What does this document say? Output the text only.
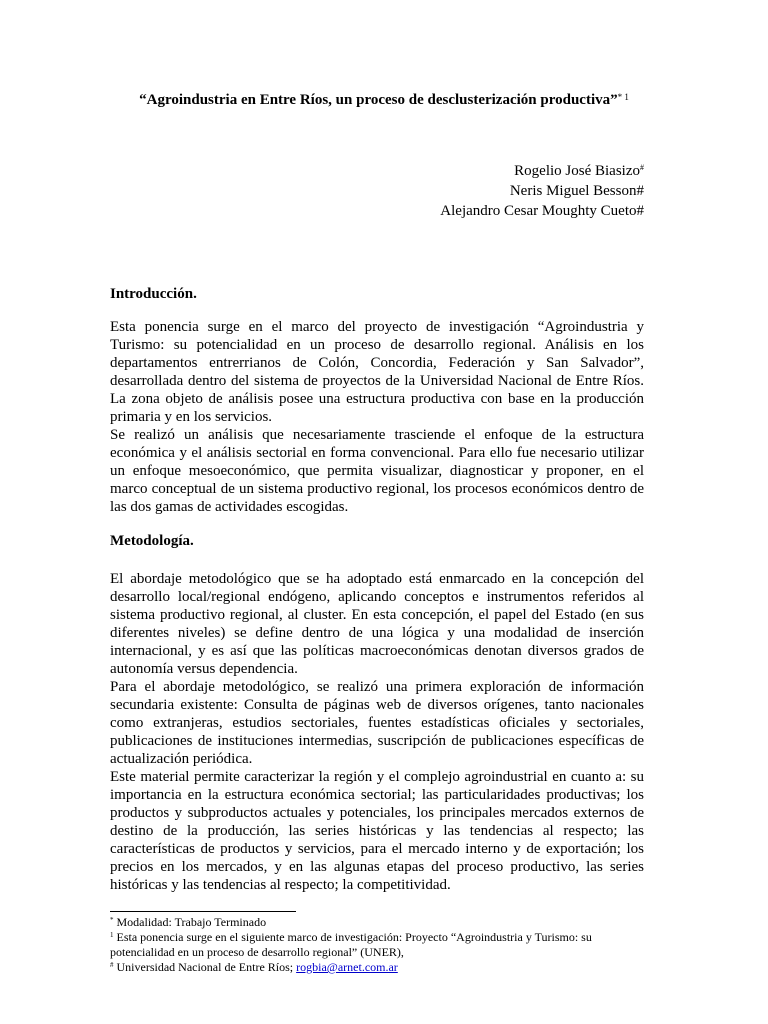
“Agroindustria en Entre Ríos, un proceso de desclusterización productiva”$^{* 1}$
Rogelio José Biasizo#
Neris Miguel Besson#
Alejandro Cesar Moughty Cueto#
Introducción.

Esta ponencia surge en el marco del proyecto de investigación “Agroindustria y Turismo: su potencialidad en un proceso de desarrollo regional. Análisis en los departamentos entrerrianos de Colón, Concordia, Federación y San Salvador”, desarrollada dentro del sistema de proyectos de la Universidad Nacional de Entre Ríos. La zona objeto de análisis posee una estructura productiva con base en la producción primaria y en los servicios.

Se realizó un análisis que necesariamente trasciende el enfoque de la estructura económica y el análisis sectorial en forma convencional. Para ello fue necesario utilizar un enfoque mesoeconómico, que permita visualizar, diagnosticar y proponer, en el marco conceptual de un sistema productivo regional, los procesos económicos dentro de las dos gamas de actividades escogidas.

Metodología.

El abordaje metodológico que se ha adoptado está enmarcado en la concepción del desarrollo local/regional endógeno, aplicando conceptos e instrumentos referidos al sistema productivo regional, al cluster. En esta concepción, el papel del Estado (en sus diferentes niveles) se define dentro de una lógica y una modalidad de inserción internacional, y es así que las políticas macroeconómicas denotan diversos grados de autonomía versus dependencia.

Para el abordaje metodológico, se realizó una primera exploración de información secundaria existente: Consulta de páginas web de diversos orígenes, tanto nacionales como extranjeras, estudios sectoriales, fuentes estadísticas oficiales y sectoriales, publicaciones de instituciones intermedias, suscripción de publicaciones específicas de actualización periódica.

Este material permite caracterizar la región y el complejo agroindustrial en cuanto a: su importancia en la estructura económica sectorial; las particularidades productivas; los productos y subproductos actuales y potenciales, los principales mercados externos de destino de la producción, las series históricas y las tendencias al respecto; las características de productos y servicios, para el mercado interno y de exportación; los precios en los mercados, y en las algunas etapas del proceso productivo, las series históricas y las tendencias al respecto; la competitividad.

* Modalidad: Trabajo Terminado
$^1$ Esta ponencia surge en el siguiente marco de investigación: Proyecto “Agroindustria y Turismo: su potencialidad en un proceso de desarrollo regional” (UNER),
# Universidad Nacional de Entre Ríos; rogbia@arnet.com.ar
